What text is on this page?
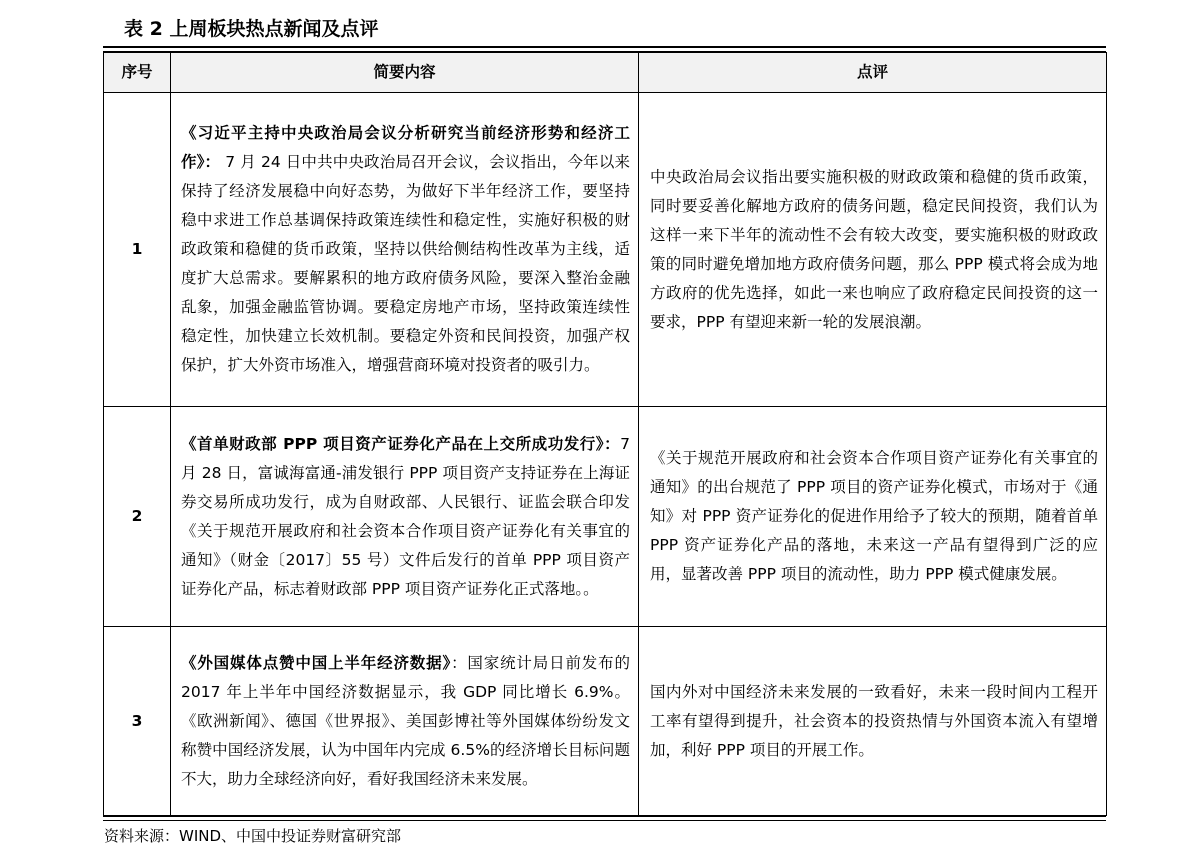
表 2 上周板块热点新闻及点评
序号	简要内容	点评
1	《习近平主持中央政治局会议分析研究当前经济形势和经济工作》： 7 月 24 日中共中央政治局召开会议，会议指出，今年以来保持了经济发展稳中向好态势，为做好下半年经济工作，要坚持稳中求进工作总基调保持政策连续性和稳定性，实施好积极的财政政策和稳健的货币政策，坚持以供给侧结构性改革为主线，适度扩大总需求。要解累积的地方政府债务风险，要深入整治金融乱象，加强金融监管协调。要稳定房地产市场，坚持政策连续性稳定性，加快建立长效机制。要稳定外资和民间投资，加强产权保护，扩大外资市场准入，增强营商环境对投资者的吸引力。	中央政治局会议指出要实施积极的财政政策和稳健的货币政策，同时要妥善化解地方政府的债务问题，稳定民间投资，我们认为这样一来下半年的流动性不会有较大改变，要实施积极的财政政策的同时避免增加地方政府债务问题，那么 PPP 模式将会成为地方政府的优先选择，如此一来也响应了政府稳定民间投资的这一要求，PPP 有望迎来新一轮的发展浪潮。
2	《首单财政部 PPP 项目资产证券化产品在上交所成功发行》：7 月 28 日，富诚海富通-浦发银行 PPP 项目资产支持证券在上海证券交易所成功发行，成为自财政部、人民银行、证监会联合印发《关于规范开展政府和社会资本合作项目资产证券化有关事宜的通知》（财金〔2017〕55 号）文件后发行的首单 PPP 项目资产证券化产品，标志着财政部 PPP 项目资产证券化正式落地。。	《关于规范开展政府和社会资本合作项目资产证券化有关事宜的通知》的出台规范了 PPP 项目的资产证券化模式，市场对于《通知》对 PPP 资产证券化的促进作用给予了较大的预期，随着首单 PPP 资产证券化产品的落地，未来这一产品有望得到广泛的应用，显著改善 PPP 项目的流动性，助力 PPP 模式健康发展。
3	《外国媒体点赞中国上半年经济数据》：国家统计局日前发布的 2017 年上半年中国经济数据显示，我 GDP 同比增长 6.9%。《欧洲新闻》、德国《世界报》、美国彭博社等外国媒体纷纷发文称赞中国经济发展，认为中国年内完成 6.5%的经济增长目标问题不大，助力全球经济向好，看好我国经济未来发展。	国内外对中国经济未来发展的一致看好，未来一段时间内工程开工率有望得到提升，社会资本的投资热情与外国资本流入有望增加，利好 PPP 项目的开展工作。
资料来源：WIND、中国中投证券财富研究部
